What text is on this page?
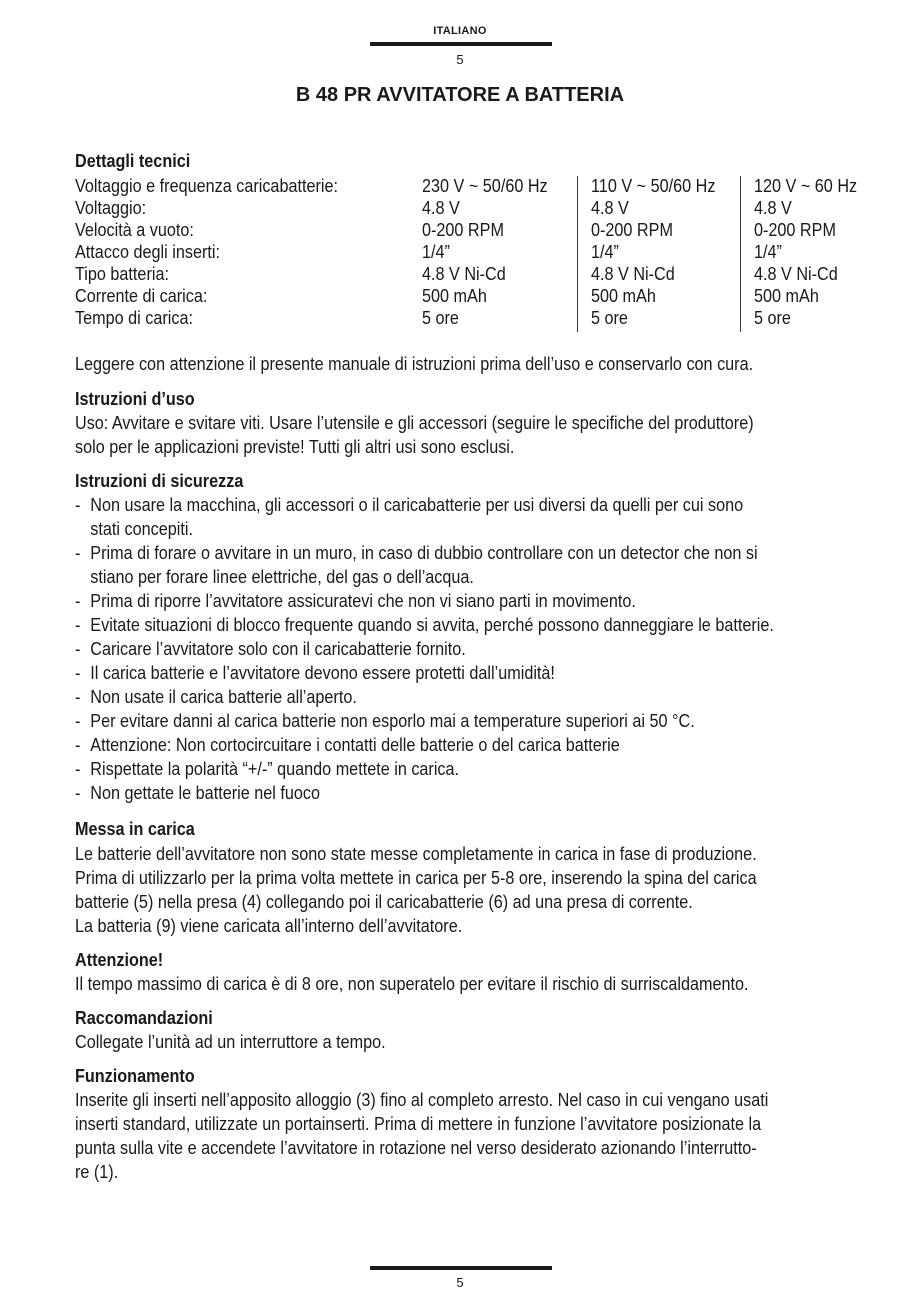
ITALIANO
5
B 48 PR AVVITATORE A BATTERIA
Dettagli tecnici
Voltaggio e frequenza caricabatterie:
Voltaggio:
Velocità a vuoto:
Attacco degli inserti:
Tipo batteria:
Corrente di carica:
Tempo di carica:
230 V ~ 50/60 Hz
4.8 V
0-200 RPM
1/4”
4.8 V Ni-Cd
500 mAh
5 ore
110 V ~ 50/60 Hz
4.8 V
0-200 RPM
1/4”
4.8 V Ni-Cd
500 mAh
5 ore
120 V ~ 60 Hz
4.8 V
0-200 RPM
1/4”
4.8 V Ni-Cd
500 mAh
5 ore
Leggere con attenzione il presente manuale di istruzioni prima dell’uso e conservarlo con cura.
Istruzioni d’uso
Uso: Avvitare e svitare viti. Usare l’utensile e gli accessori (seguire le specifiche del produttore)
solo per le applicazioni previste! Tutti gli altri usi sono esclusi.
Istruzioni di sicurezza
- Non usare la macchina, gli accessori o il caricabatterie per usi diversi da quelli per cui sono
stati concepiti.
- Prima di forare o avvitare in un muro, in caso di dubbio controllare con un detector che non si
stiano per forare linee elettriche, del gas o dell’acqua.
- Prima di riporre l’avvitatore assicuratevi che non vi siano parti in movimento.
- Evitate situazioni di blocco frequente quando si avvita, perché possono danneggiare le batterie.
- Caricare l’avvitatore solo con il caricabatterie fornito.
- Il carica batterie e l’avvitatore devono essere protetti dall’umidità!
- Non usate il carica batterie all’aperto.
- Per evitare danni al carica batterie non esporlo mai a temperature superiori ai 50 °C.
- Attenzione: Non cortocircuitare i contatti delle batterie o del carica batterie
- Rispettate la polarità “+/-” quando mettete in carica.
- Non gettate le batterie nel fuoco
Messa in carica
Le batterie dell’avvitatore non sono state messe completamente in carica in fase di produzione.
Prima di utilizzarlo per la prima volta mettete in carica per 5-8 ore, inserendo la spina del carica
batterie (5) nella presa (4) collegando poi il caricabatterie (6) ad una presa di corrente.
La batteria (9) viene caricata all’interno dell’avvitatore.
Attenzione!
Il tempo massimo di carica è di 8 ore, non superatelo per evitare il rischio di surriscaldamento.
Raccomandazioni
Collegate l’unità ad un interruttore a tempo.
Funzionamento
Inserite gli inserti nell’apposito alloggio (3) fino al completo arresto. Nel caso in cui vengano usati
inserti standard, utilizzate un portainserti. Prima di mettere in funzione l’avvitatore posizionate la
punta sulla vite e accendete l’avvitatore in rotazione nel verso desiderato azionando l’interrutto-
re (1).
5
